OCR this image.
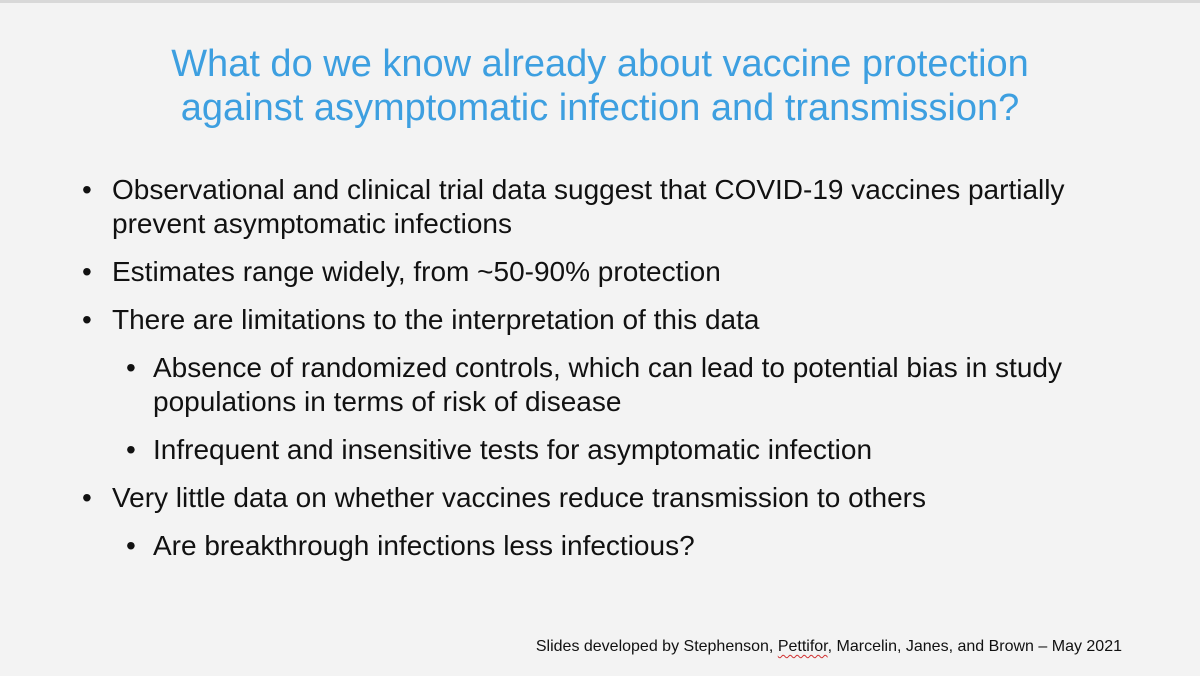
What do we know already about vaccine protection
against asymptomatic infection and transmission?
• Observational and clinical trial data suggest that COVID-19 vaccines partially prevent asymptomatic infections
• Estimates range widely, from ~50-90% protection
• There are limitations to the interpretation of this data
• Absence of randomized controls, which can lead to potential bias in study populations in terms of risk of disease
• Infrequent and insensitive tests for asymptomatic infection
• Very little data on whether vaccines reduce transmission to others
• Are breakthrough infections less infectious?
Slides developed by Stephenson, Pettifor, Marcelin, Janes, and Brown – May 2021
